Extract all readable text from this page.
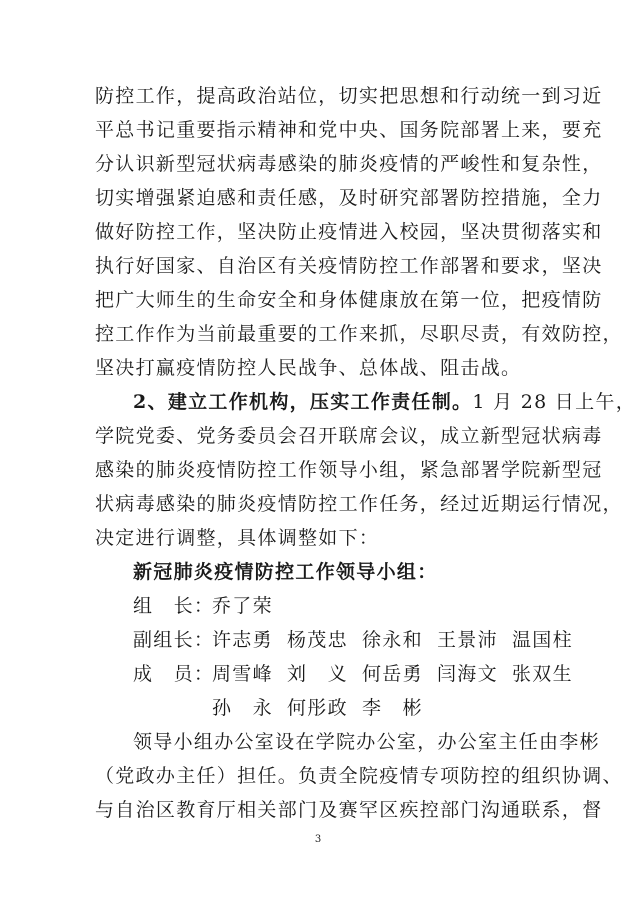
防控工作，提高政治站位，切实把思想和行动统一到习近
平总书记重要指示精神和党中央、国务院部署上来，要充
分认识新型冠状病毒感染的肺炎疫情的严峻性和复杂性，
切实增强紧迫感和责任感，及时研究部署防控措施，全力
做好防控工作，坚决防止疫情进入校园，坚决贯彻落实和
执行好国家、自治区有关疫情防控工作部署和要求，坚决
把广大师生的生命安全和身体健康放在第一位，把疫情防
控工作作为当前最重要的工作来抓，尽职尽责，有效防控，
坚决打赢疫情防控人民战争、总体战、阻击战。
2、建立工作机构，压实工作责任制。1 月 28 日上午，
学院党委、党务委员会召开联席会议，成立新型冠状病毒
感染的肺炎疫情防控工作领导小组，紧急部署学院新型冠
状病毒感染的肺炎疫情防控工作任务，经过近期运行情况，
决定进行调整，具体调整如下：
新冠肺炎疫情防控工作领导小组：
组　长：
乔了荣
副组长：
许志勇 杨茂忠 徐永和 王景沛 温国柱
成　员：
周雪峰 刘　义 何岳勇 闫海文 张双生
孙　永 何彤政 李　彬
领导小组办公室设在学院办公室，办公室主任由李彬
（党政办主任）担任。负责全院疫情专项防控的组织协调、
与自治区教育厅相关部门及赛罕区疾控部门沟通联系，督
3
